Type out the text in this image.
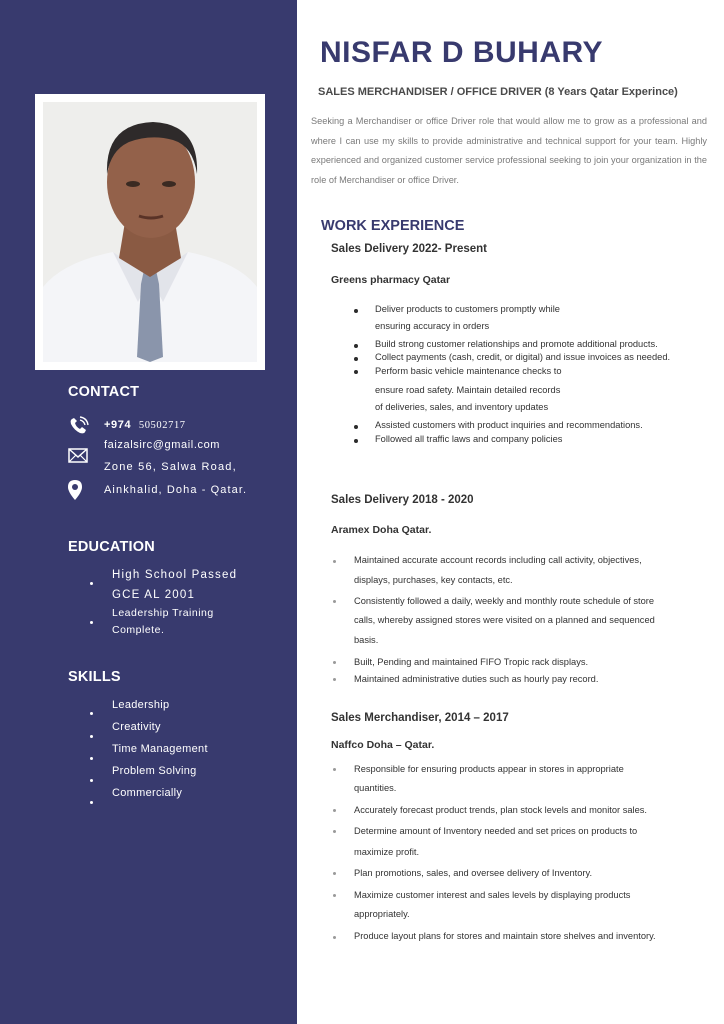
CONTACT
+974 50502717
faizalsirc@gmail.com
Zone 56, Salwa Road,
Ainkhalid, Doha - Qatar.
EDUCATION
High School Passed
GCE AL 2001
Leadership Training
Complete.
SKILLS
Leadership
Creativity
Time Management
Problem Solving
Commercially
NISFAR D BUHARY
SALES MERCHANDISER / OFFICE DRIVER (8 Years Qatar Experince)
Seeking a Merchandiser or office Driver role that would allow me to grow as a professional and where I can use my skills to provide administrative and technical support for your team. Highly experienced and organized customer service professional seeking to join your organization in the role of Merchandiser or office Driver.
WORK EXPERIENCE
Sales Delivery 2022- Present
Greens pharmacy Qatar
Deliver products to customers promptly while
ensuring accuracy in orders
Build strong customer relationships and promote additional products.
Collect payments (cash, credit, or digital) and issue invoices as needed.
Perform basic vehicle maintenance checks to
ensure road safety. Maintain detailed records
of deliveries, sales, and inventory updates
Assisted customers with product inquiries and recommendations.
Followed all traffic laws and company policies
Sales Delivery 2018 - 2020
Aramex Doha Qatar.
Maintained accurate account records including call activity, objectives,
displays, purchases, key contacts, etc.
Consistently followed a daily, weekly and monthly route schedule of store
calls, whereby assigned stores were visited on a planned and sequenced
basis.
Built, Pending and maintained FIFO Tropic rack displays.
Maintained administrative duties such as hourly pay record.
Sales Merchandiser, 2014 – 2017
Naffco Doha – Qatar.
Responsible for ensuring products appear in stores in appropriate
quantities.
Accurately forecast product trends, plan stock levels and monitor sales.
Determine amount of Inventory needed and set prices on products to
maximize profit.
Plan promotions, sales, and oversee delivery of Inventory.
Maximize customer interest and sales levels by displaying products
appropriately.
Produce layout plans for stores and maintain store shelves and inventory.
